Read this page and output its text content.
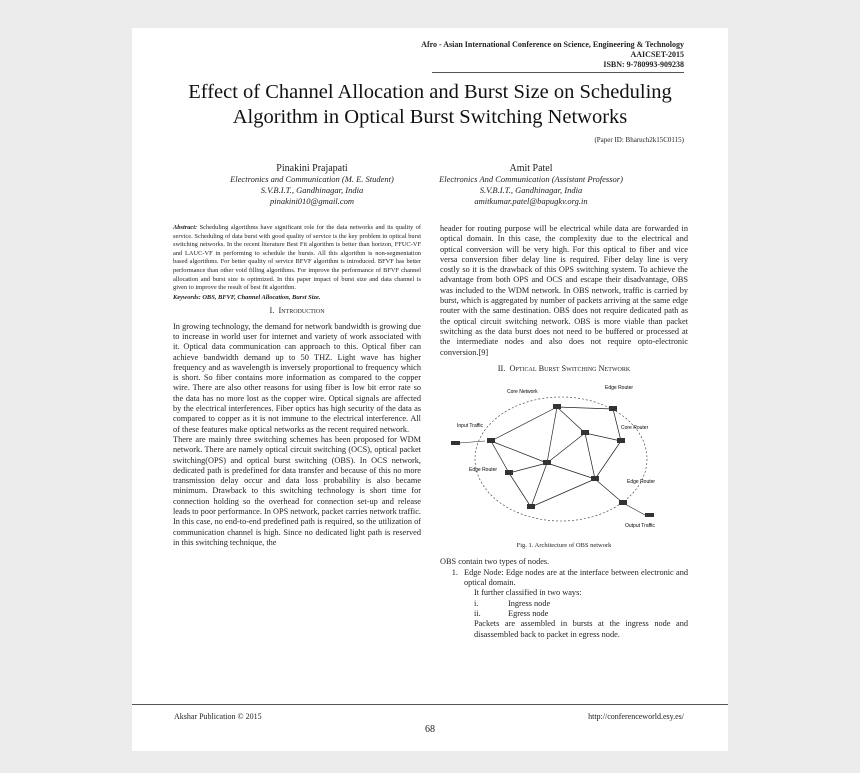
Afro - Asian International Conference on Science, Engineering & Technology
AAICSET-2015
ISBN: 9-780993-909238
Effect of Channel Allocation and Burst Size on Scheduling Algorithm in Optical Burst Switching Networks
(Paper ID: Bharuch2k15C0115)
Pinakini Prajapati
Electronics and Communication (M. E. Student)
S.V.B.I.T., Gandhinagar, India
pinakini010@gmail.com
Amit Patel
Electronics And Communication (Assistant Professor)
S.V.B.I.T., Gandhinagar, India
amitkumar.patel@bapugkv.org.in

Abstract: Scheduling algorithms have significant role for the data networks and its quality of service. Scheduling of data burst with good quality of service is the key problem in optical burst switching networks. In the recent literature Best Fit algorithm is better than horizon, FFUC-VF and LAUC-VF in performing to schedule the bursts. All this algorithm is non-segmentation based algorithms. For better quality of service BFVF algorithm is introduced. BFVF has better performance than other void filling algorithms. For improve the performance of BFVF channel allocation and burst size is optimized. In this paper impact of burst size and data channel is given to improve the result of best fit algorithm.

Keywords: OBS, BFVF, Channel Allocation, Burst Size.

I. Introduction

In growing technology, the demand for network bandwidth is growing due to increase in world user for internet and variety of work associated with it. Optical data communication can approach to this. Optical fiber can achieve bandwidth demand up to 50 THZ. Light wave has higher frequency and as wavelength is inversely proportional to frequency which is short. So fiber contains more information as compared to the copper wire. There are also other reasons for using fiber is low bit error rate so the data has no more lost as the copper wire. Optical signals are affected by the electrical interferences. Fiber optics has high security of the data as compared to copper as it is not immune to the electrical interference. All of these features make optical networks as the recent required network.

There are mainly three switching schemes has been proposed for WDM network. There are namely optical circuit switching (OCS), optical packet switching(OPS) and optical burst switching (OBS). In OCS network, dedicated path is predefined for data transfer and because of this no more transmission delay occur and data loss probability is also became minimum. Drawback to this switching technology is short time for connection holding so the overhead for connection set-up and release leads to poor performance. In OPS network, packet carries network traffic. In this case, no end-to-end predefined path is required, so the utilization of communication channel is high. Since no dedicated light path is reserved in this switching technique, the

header for routing purpose will be electrical while data are forwarded in optical domain. In this case, the complexity due to the electrical and optical conversion will be very high. For this optical to fiber and vice versa conversion fiber delay line is required. Fiber delay line is very costly so it is the drawback of this OPS switching system. To achieve the advantage from both OPS and OCS and escape their disadvantage, OBS was included to the WDM network. In OBS network, traffic is carried by burst, which is aggregated by number of packets arriving at the same edge router with the same destination. OBS does not require dedicated path as the optical circuit switching network. OBS is more viable than packet switching as the data burst does not need to be buffered or processed at the intermediate nodes and also does not require opto-electronic conversion.[9]

II. Optical Burst Switching Network
Core Network
Edge Router
Core Router
Input Traffic
Edge Router
Edge Router
Output Traffic
Fig. 1. Architecture of OBS network

OBS contain two types of nodes.

1. Edge Node: Edge nodes are at the interface between electronic and optical domain.
It further classified in two ways:
i.	Ingress node
ii.	Egress node
Packets are assembled in bursts at the ingress node and disassembled back to packet in egress node.
Akshar Publication © 2015	http://conferenceworld.esy.es/
68
